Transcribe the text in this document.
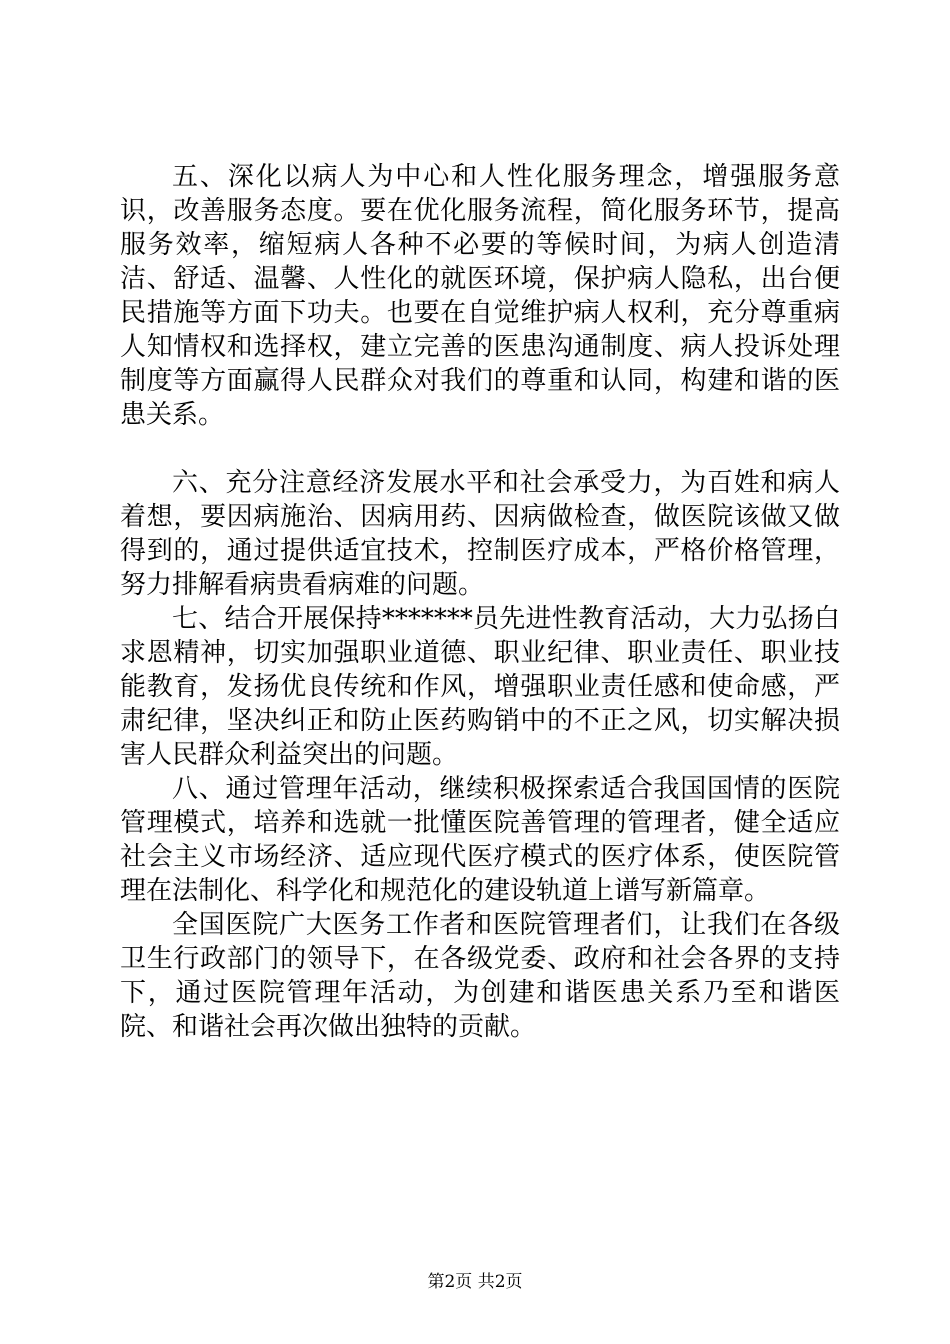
五、深化以病人为中心和人性化服务理念，增强服务意识，改善服务态度。要在优化服务流程，简化服务环节，提高服务效率，缩短病人各种不必要的等候时间，为病人创造清洁、舒适、温馨、人性化的就医环境，保护病人隐私，出台便民措施等方面下功夫。也要在自觉维护病人权利，充分尊重病人知情权和选择权，建立完善的医患沟通制度、病人投诉处理制度等方面赢得人民群众对我们的尊重和认同，构建和谐的医患关系。

六、充分注意经济发展水平和社会承受力，为百姓和病人着想，要因病施治、因病用药、因病做检查，做医院该做又做得到的，通过提供适宜技术，控制医疗成本，严格价格管理，努力排解看病贵看病难的问题。

七、结合开展保持*******员先进性教育活动，大力弘扬白求恩精神，切实加强职业道德、职业纪律、职业责任、职业技能教育，发扬优良传统和作风，增强职业责任感和使命感，严肃纪律，坚决纠正和防止医药购销中的不正之风，切实解决损害人民群众利益突出的问题。

八、通过管理年活动，继续积极探索适合我国国情的医院管理模式，培养和选就一批懂医院善管理的管理者，健全适应社会主义市场经济、适应现代医疗模式的医疗体系，使医院管理在法制化、科学化和规范化的建设轨道上谱写新篇章。

全国医院广大医务工作者和医院管理者们，让我们在各级卫生行政部门的领导下，在各级党委、政府和社会各界的支持下，通过医院管理年活动，为创建和谐医患关系乃至和谐医院、和谐社会再次做出独特的贡献。

第2页 共2页
